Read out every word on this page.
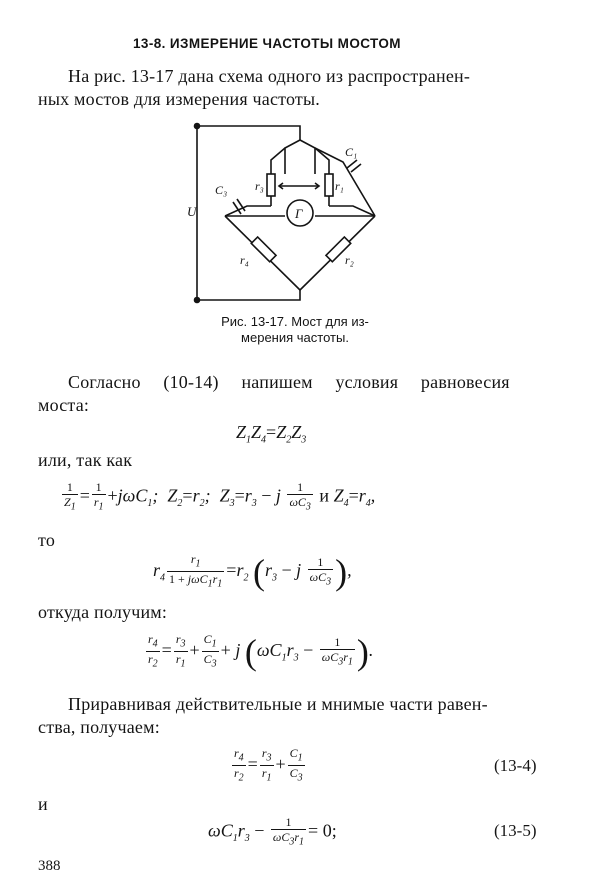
13-8. ИЗМЕРЕНИЕ ЧАСТОТЫ МОСТОМ
На рис. 13-17 дана схема одного из распространен-
ных мостов для измерения частоты.
U
C₁
C₃ r₃	r₁
r₄	r₂
Г
Рис. 13-17. Мост для из-
мерения частоты.
Согласно (10-14) напишем условия равновесия
моста:
$Z_1Z_4=Z_2Z_3$
или, так как
$\frac{1}{Z_1} = \frac{1}{r_1} +j\omega C_1$;  $Z_2=r_2$;  $Z_3=r_3 - j \frac{1}{\omega C_3}$ и $Z_4=r_4$,
то
$r_4 \frac{r_1}{1 + j\omega C_1r_1} =r_2$ ($r_3 - j \frac{1}{\omega C_3}$ ),
откуда получим:
$\frac{r_4}{r_2} = \frac{r_3}{r_1} + \frac{C_1}{C_3} + j$ ($\omega C_1r_3 - \frac{1}{\omega C_3r_1}$ ).
Приравнивая действительные и мнимые части равен-
ства, получаем:
$\frac{r_4}{r_2} = \frac{r_3}{r_1} + \frac{C_1}{C_3}$	(13-4)
и
$\omega C_1r_3 - \frac{1}{\omega C_3r_1} = 0$;	(13-5)
388
